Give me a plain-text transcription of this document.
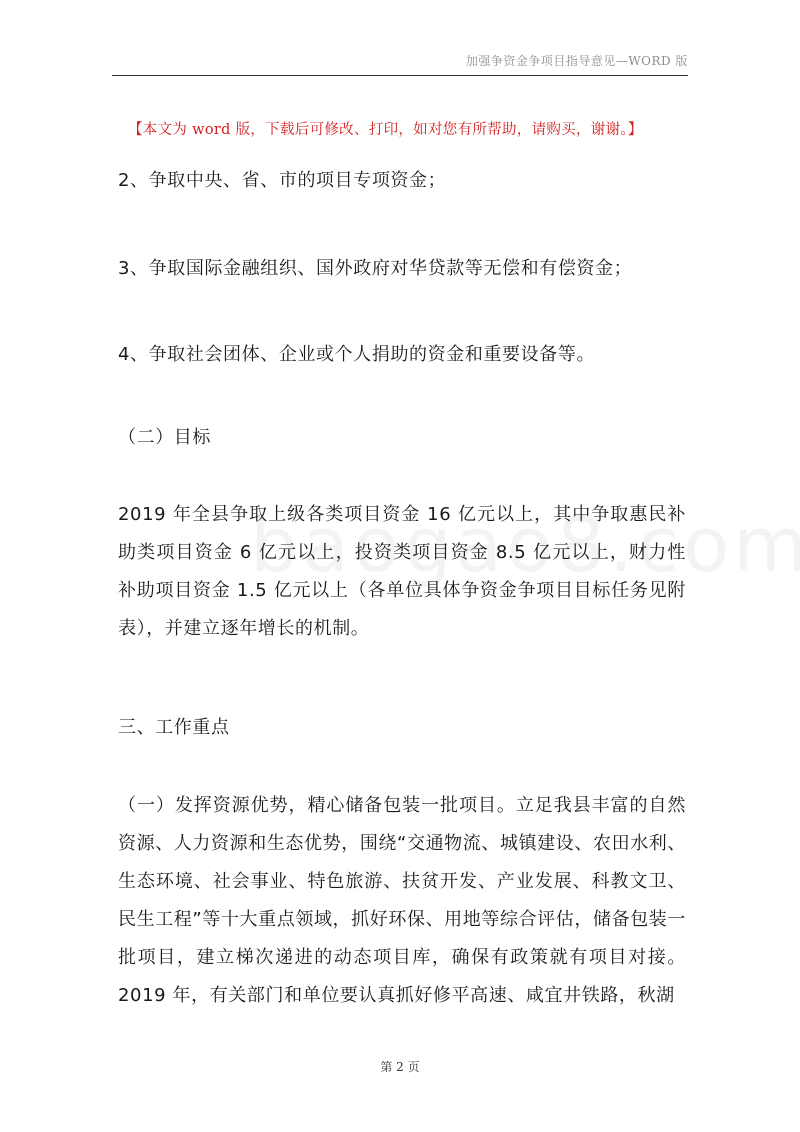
加强争资金争项目指导意见—WORD 版
【本文为 word 版，下载后可修改、打印，如对您有所帮助，请购买，谢谢。】
2、争取中央、省、市的项目专项资金；
3、争取国际金融组织、国外政府对华贷款等无偿和有偿资金；
4、争取社会团体、企业或个人捐助的资金和重要设备等。
（二）目标

2019 年全县争取上级各类项目资金 16 亿元以上，其中争取惠民补助类项目资金 6 亿元以上，投资类项目资金 8.5 亿元以上，财力性补助项目资金 1.5 亿元以上（各单位具体争资金争项目目标任务见附表），并建立逐年增长的机制。

三、工作重点

（一）发挥资源优势，精心储备包装一批项目。立足我县丰富的自然资源、人力资源和生态优势，围绕“交通物流、城镇建设、农田水利、生态环境、社会事业、特色旅游、扶贫开发、产业发展、科教文卫、民生工程”等十大重点领域，抓好环保、用地等综合评估，储备包装一批项目，建立梯次递进的动态项目库，确保有政策就有项目对接。2019 年，有关部门和单位要认真抓好修平高速、咸宜井铁路，秋湖

第 2 页
